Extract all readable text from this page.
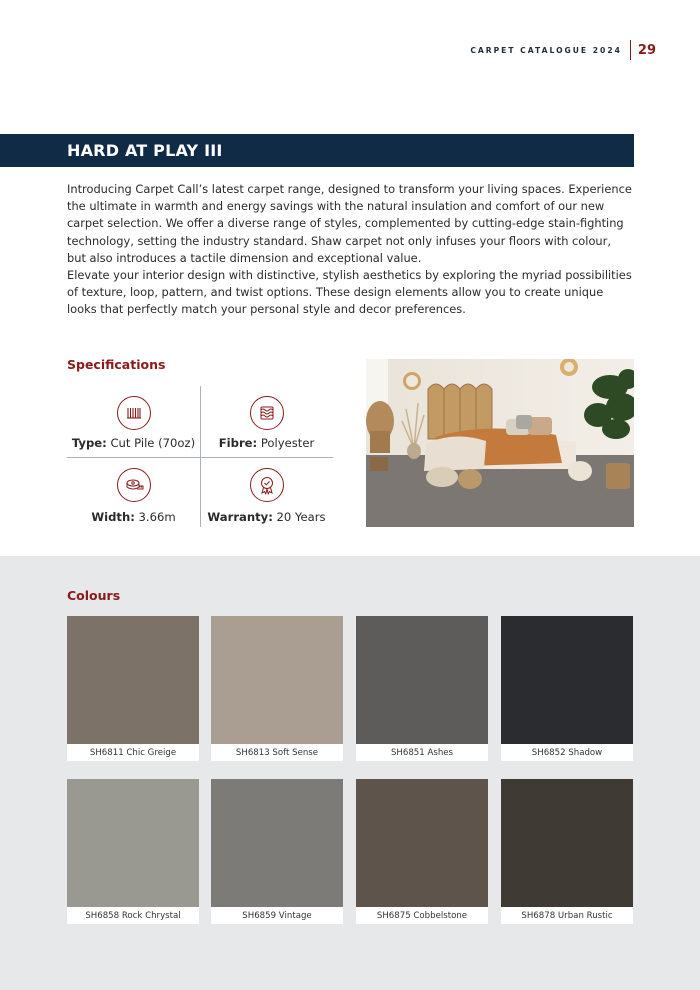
CARPET CATALOGUE 2024 29
HARD AT PLAY III

Introducing Carpet Call’s latest carpet range, designed to transform your living spaces. Experience the ultimate in warmth and energy savings with the natural insulation and comfort of our new carpet selection. We offer a diverse range of styles, complemented by cutting-edge stain-fighting technology, setting the industry standard. Shaw carpet not only infuses your floors with colour, but also introduces a tactile dimension and exceptional value.

Elevate your interior design with distinctive, stylish aesthetics by exploring the myriad possibilities of texture, loop, pattern, and twist options. These design elements allow you to create unique looks that perfectly match your personal style and decor preferences.

Specifications
Type: Cut Pile (70oz) Fibre: Polyester
Width: 3.66m	Warranty: 20 Years
Colours
SH6811 Chic Greige	SH6813 Soft Sense	SH6851 Ashes	SH6852 Shadow
SH6858 Rock Chrystal	SH6859 Vintage	SH6875 Cobbelstone	SH6878 Urban Rustic
